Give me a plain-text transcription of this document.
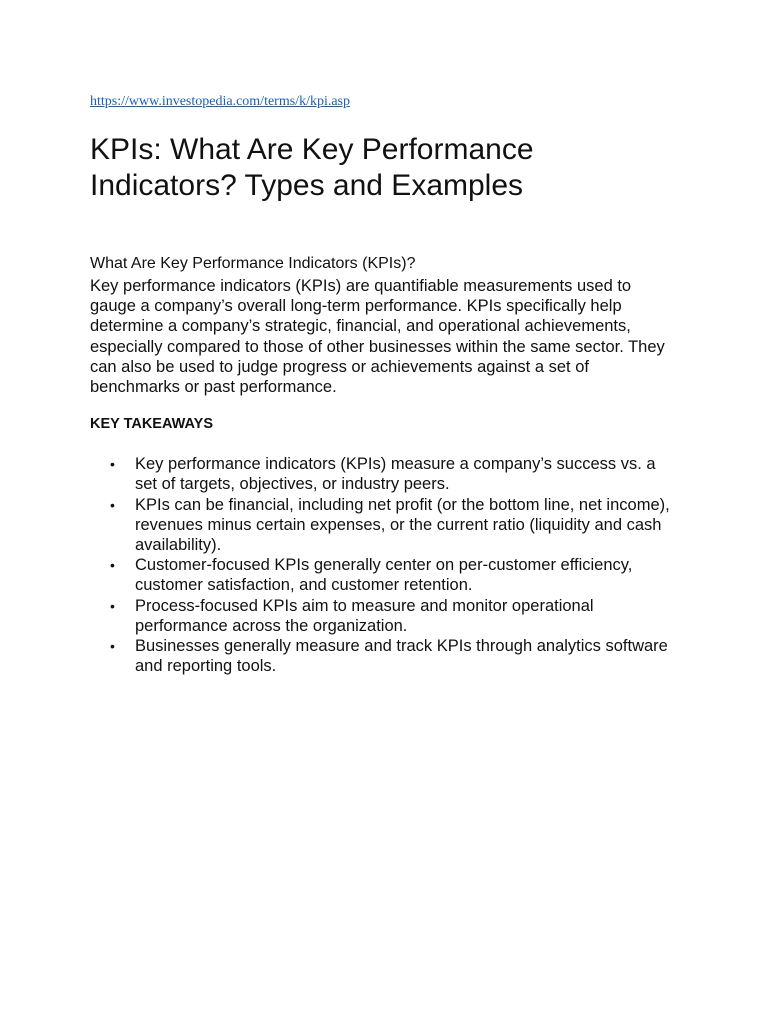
https://www.investopedia.com/terms/k/kpi.asp
KPIs: What Are Key Performance Indicators? Types and Examples
What Are Key Performance Indicators (KPIs)?

Key performance indicators (KPIs) are quantifiable measurements used to gauge a company’s overall long-term performance. KPIs specifically help determine a company’s strategic, financial, and operational achievements, especially compared to those of other businesses within the same sector. They can also be used to judge progress or achievements against a set of benchmarks or past performance.

KEY TAKEAWAYS
• Key performance indicators (KPIs) measure a company’s success vs. a set of targets, objectives, or industry peers.
• KPIs can be financial, including net profit (or the bottom line, net income), revenues minus certain expenses, or the current ratio (liquidity and cash availability).
• Customer-focused KPIs generally center on per-customer efficiency, customer satisfaction, and customer retention.
• Process-focused KPIs aim to measure and monitor operational performance across the organization.
• Businesses generally measure and track KPIs through analytics software and reporting tools.
